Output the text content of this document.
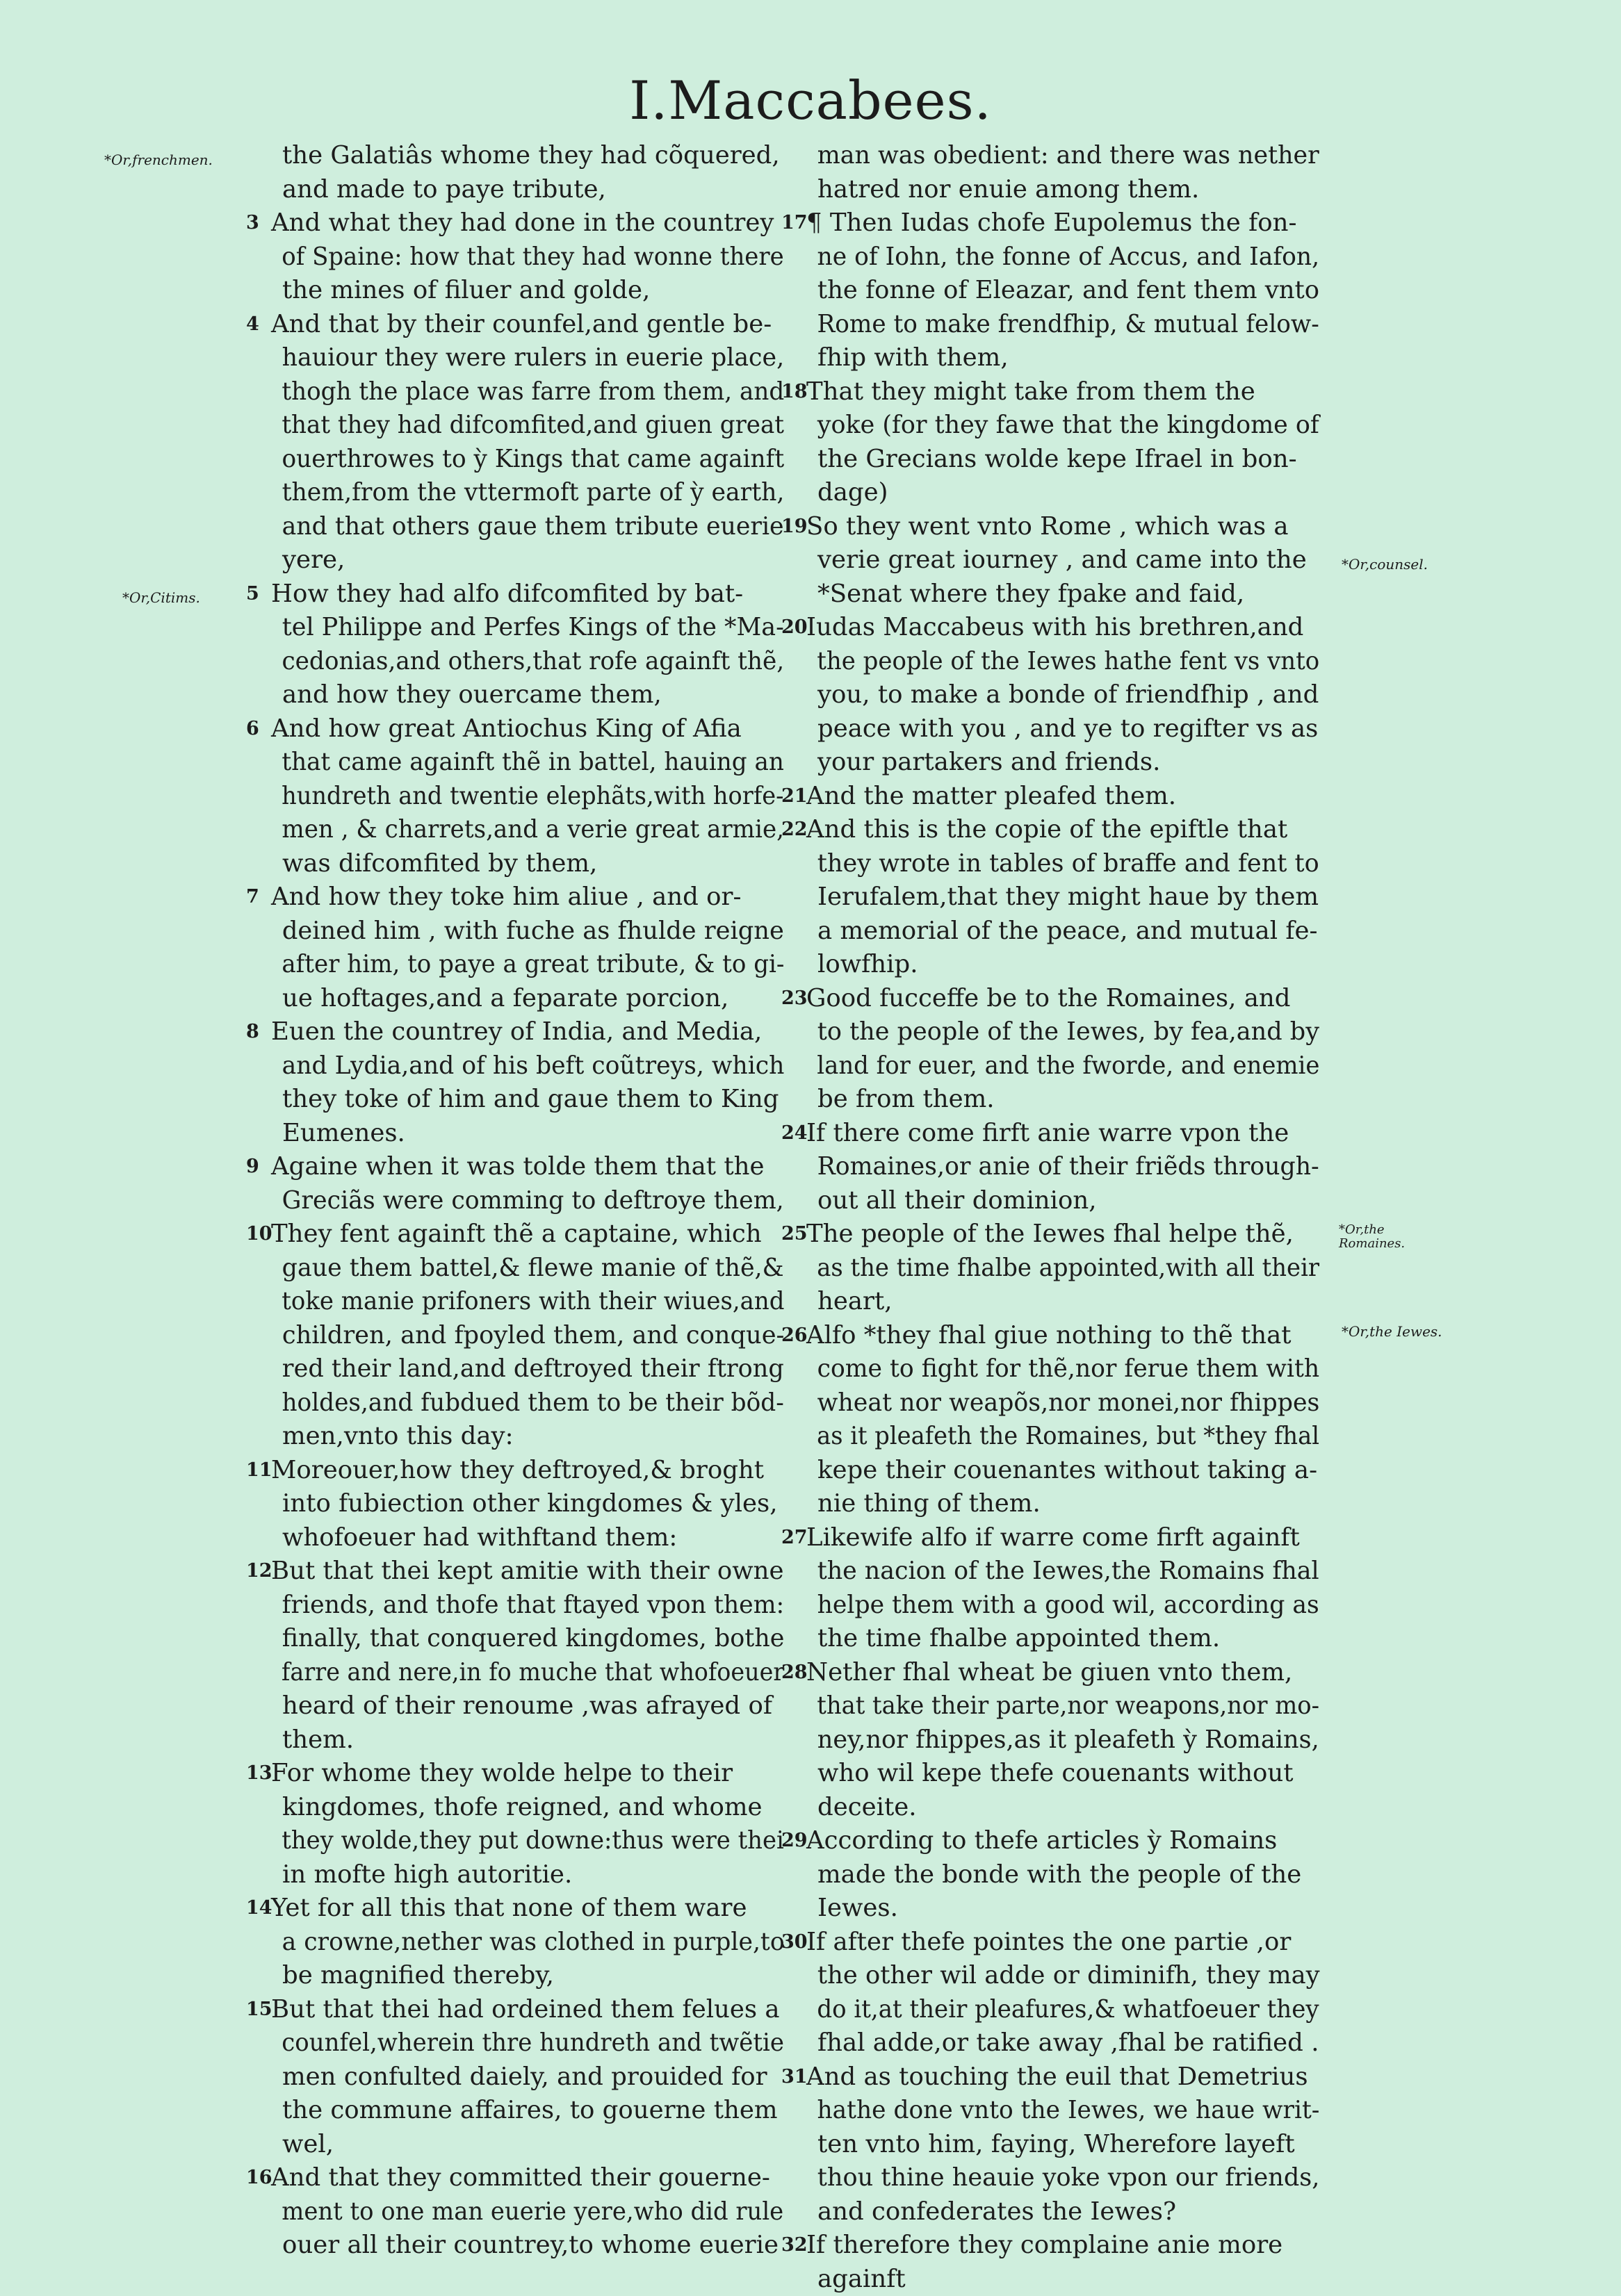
I.Maccabees.
*Or,frenchmen.
*Or,Citims.
*Or,counsel.
*Or,the Romaines.
*Or,the Iewes.
the Galatiâs whome they had cõquered,
and made to paye tribute,
3 And what they had done in the countrey
of Spaine: how that they had wonne there
the mines of filuer and golde,
4 And that by their counfel,and gentle be-
hauiour they were rulers in euerie place,
thogh the place was farre from them, and
that they had difcomfited,and giuen great
ouerthrowes to ỳ Kings that came againft
them,from the vttermoft parte of ỳ earth,
and that others gaue them tribute euerie
yere,
5 How they had alfo difcomfited by bat-
tel Philippe and Perfes Kings of the *Ma-
cedonias,and others,that rofe againft thẽ,
and how they ouercame them,
6 And how great Antiochus King of Afia
that came againft thẽ in battel, hauing an
hundreth and twentie elephãts,with horfe-
men , & charrets,and a verie great armie,
was difcomfited by them,
7 And how they toke him aliue , and or-
deined him , with fuche as fhulde reigne
after him, to paye a great tribute, & to gi-
ue hoftages,and a feparate porcion,
8 Euen the countrey of India, and Media,
and Lydia,and of his beft coũtreys, which
they toke of him and gaue them to King
Eumenes.
9 Againe when it was tolde them that the
Greciãs were comming to deftroye them,
10
They fent againft thẽ a captaine, which
gaue them battel,& flewe manie of thẽ,&
toke manie prifoners with their wiues,and
children, and fpoyled them, and conque-
red their land,and deftroyed their ftrong
holdes,and fubdued them to be their bõd-
men,vnto this day:
11
Moreouer,how they deftroyed,& broght
into fubiection other kingdomes & yles,
whofoeuer had withftand them:
12
But that thei kept amitie with their owne
friends, and thofe that ftayed vpon them:
finally, that conquered kingdomes, bothe
farre and nere,in fo muche that whofoeuer
heard of their renoume ,was afrayed of
them.
13
For whome they wolde helpe to their
kingdomes, thofe reigned, and whome
they wolde,they put downe:thus were thei
in mofte high autoritie.
14
Yet for all this that none of them ware
a crowne,nether was clothed in purple,to
be magnified thereby,
15
But that thei had ordeined them felues a
counfel,wherein thre hundreth and twẽtie
men confulted daiely, and prouided for
the commune affaires, to gouerne them
wel,
16
And that they committed their gouerne-
ment to one man euerie yere,who did rule
ouer all their countrey,to whome euerie
man was obedient: and there was nether
hatred nor enuie among them.
17
¶ Then Iudas chofe Eupolemus the fon-
ne of Iohn, the fonne of Accus, and Iafon,
the fonne of Eleazar, and fent them vnto
Rome to make frendfhip, & mutual felow-
fhip with them,
18
That they might take from them the
yoke (for they fawe that the kingdome of
the Grecians wolde kepe Ifrael in bon-
dage)
19
So they went vnto Rome , which was a
verie great iourney , and came into the
*Senat where they fpake and faid,
20
Iudas Maccabeus with his brethren,and
the people of the Iewes hathe fent vs vnto
you, to make a bonde of friendfhip , and
peace with you , and ye to regifter vs as
your partakers and friends.
21
And the matter pleafed them.
22
And this is the copie of the epiftle that
they wrote in tables of braffe and fent to
Ierufalem,that they might haue by them
a memorial of the peace, and mutual fe-
lowfhip.
23
Good fucceffe be to the Romaines, and
to the people of the Iewes, by fea,and by
land for euer, and the fworde, and enemie
be from them.
24
If there come firft anie warre vpon the
Romaines,or anie of their friẽds through-
out all their dominion,
25
The people of the Iewes fhal helpe thẽ,
as the time fhalbe appointed,with all their
heart,
26
Alfo *they fhal giue nothing to thẽ that
come to fight for thẽ,nor ferue them with
wheat nor weapõs,nor monei,nor fhippes
as it pleafeth the Romaines, but *they fhal
kepe their couenantes without taking a-
nie thing of them.
27
Likewife alfo if warre come firft againft
the nacion of the Iewes,the Romains fhal
helpe them with a good wil, according as
the time fhalbe appointed them.
28
Nether fhal wheat be giuen vnto them,
that take their parte,nor weapons,nor mo-
ney,nor fhippes,as it pleafeth ỳ Romains,
who wil kepe thefe couenants without
deceite.
29
According to thefe articles ỳ Romains
made the bonde with the people of the
Iewes.
30
If after thefe pointes the one partie ,or
the other wil adde or diminifh, they may
do it,at their pleafures,& whatfoeuer they
fhal adde,or take away ,fhal be ratified .
31
And as touching the euil that Demetrius
hathe done vnto the Iewes, we haue writ-
ten vnto him, faying, Wherefore layeft
thou thine heauie yoke vpon our friends,
and confederates the Iewes?
32
If therefore they complaine anie more
againft
